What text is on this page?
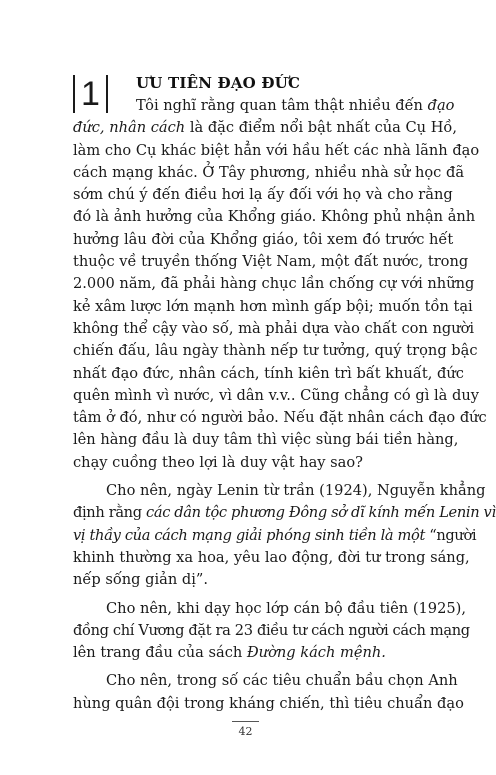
1 ƯU TIÊN ĐẠO ĐỨC
Tôi nghĩ rằng quan tâm thật nhiều đến đạo
đức, nhân cách là đặc điểm nổi bật nhất của Cụ Hồ,
làm cho Cụ khác biệt hẳn với hầu hết các nhà lãnh đạo
cách mạng khác. Ở Tây phương, nhiều nhà sử học đã
sớm chú ý đến điều hơi lạ ấy đối với họ và cho rằng
đó là ảnh hưởng của Khổng giáo. Không phủ nhận ảnh
hưởng lâu đời của Khổng giáo, tôi xem đó trước hết
thuộc về truyền thống Việt Nam, một đất nước, trong
2.000 năm, đã phải hàng chục lần chống cự với những
kẻ xâm lược lớn mạnh hơn mình gấp bội; muốn tồn tại
không thể cậy vào số, mà phải dựa vào chất con người
chiến đấu, lâu ngày thành nếp tư tưởng, quý trọng bậc
nhất đạo đức, nhân cách, tính kiên trì bất khuất, đức
quên mình vì nước, vì dân v.v.. Cũng chẳng có gì là duy
tâm ở đó, như có người bảo. Nếu đặt nhân cách đạo đức
lên hàng đầu là duy tâm thì việc sùng bái tiền hàng,
chạy cuồng theo lợi là duy vật hay sao?
Cho nên, ngày Lenin từ trần (1924), Nguyễn khẳng
định rằng các dân tộc phương Đông sở dĩ kính mến Lenin vì
vị thầy của cách mạng giải phóng sinh tiền là một “người
khinh thường xa hoa, yêu lao động, đời tư trong sáng,
nếp sống giản dị”.
Cho nên, khi dạy học lớp cán bộ đầu tiên (1925),
đồng chí Vương đặt ra 23 điều tư cách người cách mạng
lên trang đầu của sách Đường kách mệnh.
Cho nên, trong số các tiêu chuẩn bầu chọn Anh
hùng quân đội trong kháng chiến, thì tiêu chuẩn đạo
42
